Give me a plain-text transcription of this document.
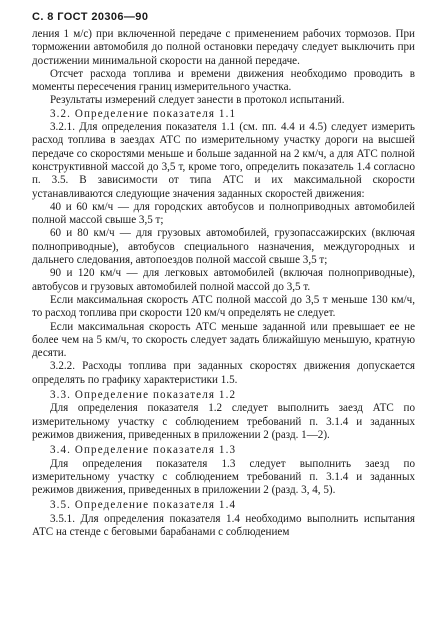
С. 8 ГОСТ 20306—90

ления 1 м/с) при включенной передаче с применением рабочих тормозов. При торможении автомобиля до полной остановки передачу следует выключить при достижении минимальной скорости на данной передаче.

Отсчет расхода топлива и времени движения необходимо проводить в моменты пересечения границ измерительного участка.

Результаты измерений следует занести в протокол испытаний.

3.2. Определение показателя 1.1

3.2.1. Для определения показателя 1.1 (см. пп. 4.4 и 4.5) следует измерить расход топлива в заездах АТС по измерительному участку дороги на высшей передаче со скоростями меньше и больше заданной на 2 км/ч, а для АТС полной конструктивной массой до 3,5 т, кроме того, определить показатель 1.4 согласно п. 3.5. В зависимости от типа АТС и их максимальной скорости устанавливаются следующие значения заданных скоростей движения:

40 и 60 км/ч — для городских автобусов и полноприводных автомобилей полной массой свыше 3,5 т;

60 и 80 км/ч — для грузовых автомобилей, грузопассажирских (включая полноприводные), автобусов специального назначения, междугородных и дальнего следования, автопоездов полной массой свыше 3,5 т;

90 и 120 км/ч — для легковых автомобилей (включая полноприводные), автобусов и грузовых автомобилей полной массой до 3,5 т.

Если максимальная скорость АТС полной массой до 3,5 т меньше 130 км/ч, то расход топлива при скорости 120 км/ч определять не следует.

Если максимальная скорость АТС меньше заданной или превышает ее не более чем на 5 км/ч, то скорость следует задать ближайшую меньшую, кратную десяти.

3.2.2. Расходы топлива при заданных скоростях движения допускается определять по графику характеристики 1.5.

3.3. Определение показателя 1.2

Для определения показателя 1.2 следует выполнить заезд АТС по измерительному участку с соблюдением требований п. 3.1.4 и заданных режимов движения, приведенных в приложении 2 (разд. 1—2).

3.4. Определение показателя 1.3

Для определения показателя 1.3 следует выполнить заезд по измерительному участку с соблюдением требований п. 3.1.4 и заданных режимов движения, приведенных в приложении 2 (разд. 3, 4, 5).

3.5. Определение показателя 1.4

3.5.1. Для определения показателя 1.4 необходимо выполнить испытания АТС на стенде с беговыми барабанами с соблюдением
